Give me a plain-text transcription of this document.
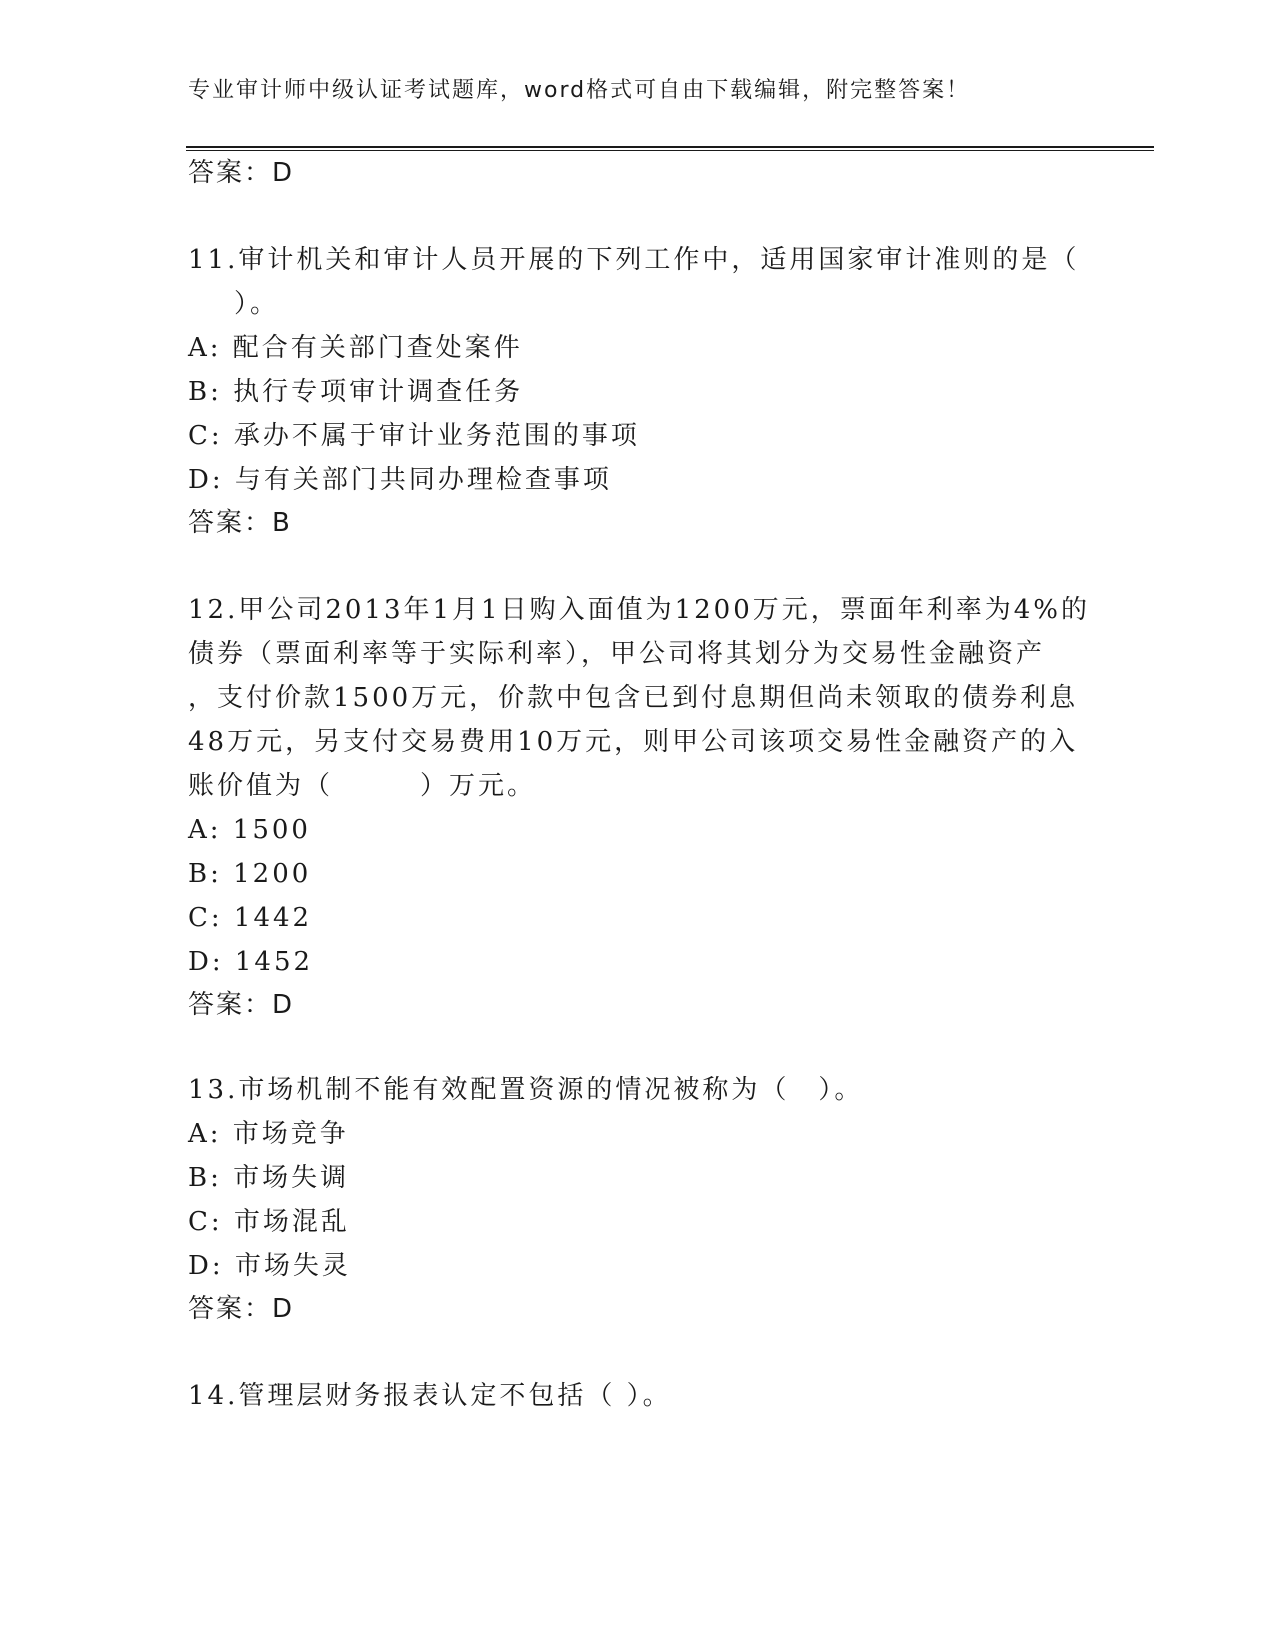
专业审计师中级认证考试题库，word格式可自由下载编辑，附完整答案！
答案：D
11.审计机关和审计人员开展的下列工作中，适用国家审计准则的是（
）。
A: 配合有关部门查处案件
B: 执行专项审计调查任务
C: 承办不属于审计业务范围的事项
D: 与有关部门共同办理检查事项
答案：B
12.甲公司2013年1月1日购入面值为1200万元，票面年利率为4%的
债券（票面利率等于实际利率），甲公司将其划分为交易性金融资产
，支付价款1500万元，价款中包含已到付息期但尚未领取的债券利息
48万元，另支付交易费用10万元，则甲公司该项交易性金融资产的入
账价值为（　　　）万元。
A: 1500
B: 1200
C: 1442
D: 1452
答案：D
13.市场机制不能有效配置资源的情况被称为（　）。
A: 市场竞争
B: 市场失调
C: 市场混乱
D: 市场失灵
答案：D
14.管理层财务报表认定不包括（ ）。
